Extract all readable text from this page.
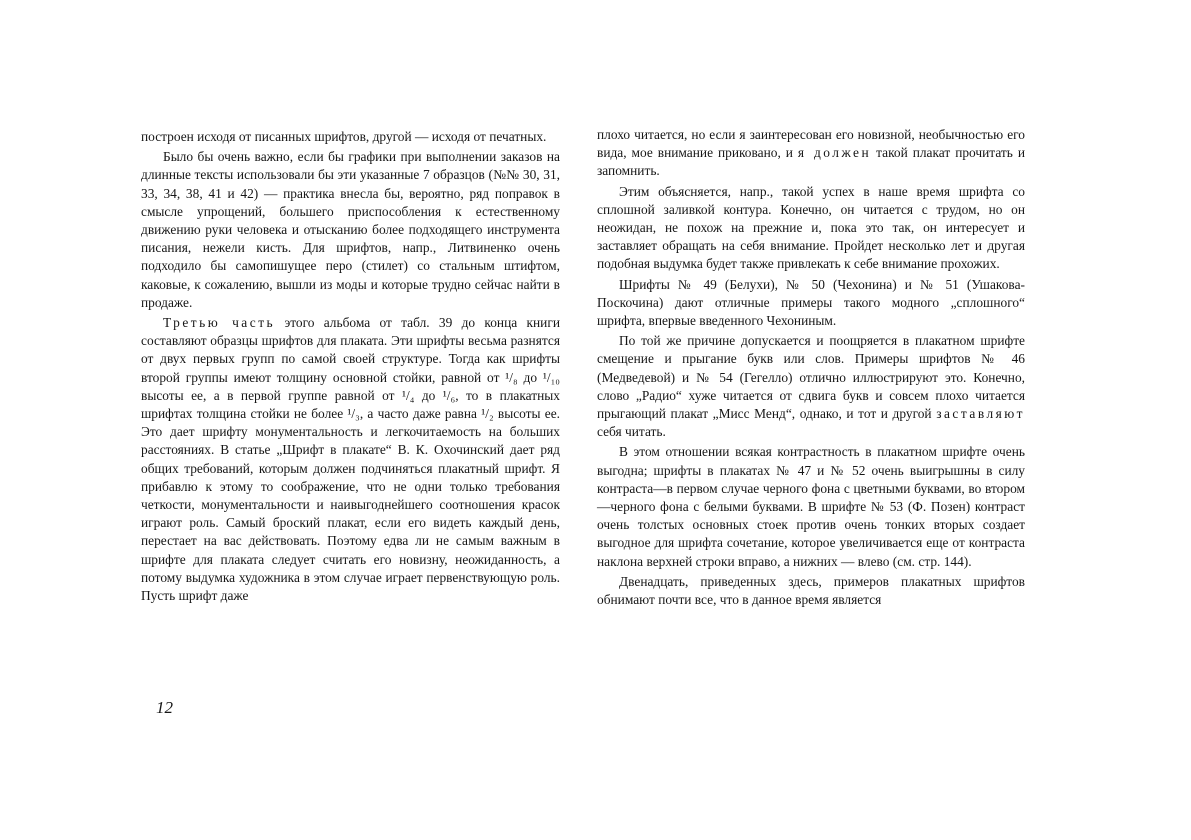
построен исходя от писанных шрифтов, другой — исходя от печатных.

Было бы очень важно, если бы графики при выполнении заказов на длинные тексты использовали бы эти указанные 7 образцов (№№ 30, 31, 33, 34, 38, 41 и 42) — практика внесла бы, вероятно, ряд поправок в смысле упрощений, большего приспособления к естественному движению руки человека и отысканию более подходящего инструмента писания, нежели кисть. Для шрифтов, напр., Литвиненко очень подходило бы самопишущее перо (стилет) со стальным штифтом, каковые, к сожалению, вышли из моды и которые трудно сейчас найти в продаже.

Третью часть этого альбома от табл. 39 до конца книги составляют образцы шрифтов для плаката. Эти шрифты весьма разнятся от двух первых групп по самой своей структуре. Тогда как шрифты второй группы имеют толщину основной стойки, равной от ¹/₈ до ¹/₁₀ высоты ее, а в первой группе равной от ¹/₄ до ¹/₆, то в плакатных шрифтах толщина стойки не более ¹/₃, а часто даже равна ¹/₂ высоты ее. Это дает шрифту монументальность и легкочитаемость на больших расстояниях. В статье „Шрифт в плакате“ В. К. Охочинский дает ряд общих требований, которым должен подчиняться плакатный шрифт. Я прибавлю к этому то соображение, что не одни только требования четкости, монументальности и наивыгоднейшего соотношения красок играют роль. Самый броский плакат, если его видеть каждый день, перестает на вас действовать. Поэтому едва ли не самым важным в шрифте для плаката следует считать его новизну, неожиданность, а потому выдумка художника в этом случае играет первенствующую роль. Пусть шрифт даже

12

плохо читается, но если я заинтересован его новизной, необычностью его вида, мое внимание приковано, и я должен такой плакат прочитать и запомнить.

Этим объясняется, напр., такой успех в наше время шрифта со сплошной заливкой контура. Конечно, он читается с трудом, но он неожидан, не похож на прежние и, пока это так, он интересует и заставляет обращать на себя внимание. Пройдет несколько лет и другая подобная выдумка будет также привлекать к себе внимание прохожих.

Шрифты № 49 (Белухи), № 50 (Чехонина) и № 51 (Ушакова-Поскочина) дают отличные примеры такого модного „сплошного“ шрифта, впервые введенного Чехониным.

По той же причине допускается и поощряется в плакатном шрифте смещение и прыгание букв или слов. Примеры шрифтов № 46 (Медведевой) и № 54 (Гегелло) отлично иллюстрируют это. Конечно, слово „Радио“ хуже читается от сдвига букв и совсем плохо читается прыгающий плакат „Мисс Менд“, однако, и тот и другой заставляют себя читать.

В этом отношении всякая контрастность в плакатном шрифте очень выгодна; шрифты в плакатах № 47 и № 52 очень выигрышны в силу контраста—в первом случае черного фона с цветными буквами, во втором—черного фона с белыми буквами. В шрифте № 53 (Ф. Позен) контраст очень толстых основных стоек против очень тонких вторых создает выгодное для шрифта сочетание, которое увеличивается еще от контраста наклона верхней строки вправо, а нижних — влево (см. стр. 144).

Двенадцать, приведенных здесь, примеров плакатных шрифтов обнимают почти все, что в данное время является
